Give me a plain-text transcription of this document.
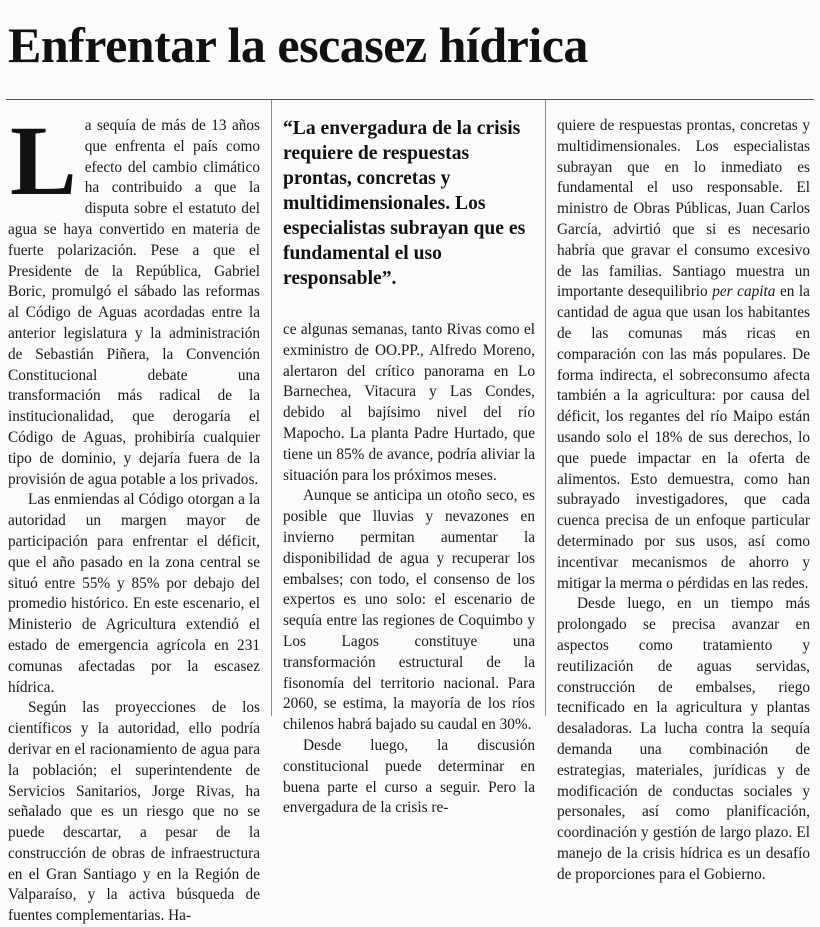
Enfrentar la escasez hídrica
L a sequía de más de 13 años que enfrenta el país como efecto del cambio climático ha contribuido a que la disputa sobre el estatuto del agua se haya convertido en materia de fuerte polarización. Pese a que el Presidente de la República, Gabriel Boric, promulgó el sábado las reformas al Código de Aguas acordadas entre la anterior legislatura y la administración de Sebastián Piñera, la Convención Constitucional debate una transformación más radical de la institucionalidad, que derogaría el Código de Aguas, prohibiría cualquier tipo de dominio, y dejaría fuera de la provisión de agua potable a los privados.

Las enmiendas al Código otorgan a la autoridad un margen mayor de participación para enfrentar el déficit, que el año pasado en la zona central se situó entre 55% y 85% por debajo del promedio histórico. En este escenario, el Ministerio de Agricultura extendió el estado de emergencia agrícola en 231 comunas afectadas por la escasez hídrica.

Según las proyecciones de los científicos y la autoridad, ello podría derivar en el racionamiento de agua para la población; el superintendente de Servicios Sanitarios, Jorge Rivas, ha señalado que es un riesgo que no se puede descartar, a pesar de la construcción de obras de infraestructura en el Gran Santiago y en la Región de Valparaíso, y la activa búsqueda de fuentes complementarias. Ha-

“La envergadura de la crisis requiere de respuestas prontas, concretas y multidimensionales. Los especialistas subrayan que es fundamental el uso responsable”.

ce algunas semanas, tanto Rivas como el exministro de OO.PP., Alfredo Moreno, alertaron del crítico panorama en Lo Barnechea, Vitacura y Las Condes, debido al bajísimo nivel del río Mapocho. La planta Padre Hurtado, que tiene un 85% de avance, podría aliviar la situación para los próximos meses.

Aunque se anticipa un otoño seco, es posible que lluvias y nevazones en invierno permitan aumentar la disponibilidad de agua y recuperar los embalses; con todo, el consenso de los expertos es uno solo: el escenario de sequía entre las regiones de Coquimbo y Los Lagos constituye una transformación estructural de la fisonomía del territorio nacional. Para 2060, se estima, la mayoría de los ríos chilenos habrá bajado su caudal en 30%.

Desde luego, la discusión constitucional puede determinar en buena parte el curso a seguir. Pero la envergadura de la crisis re-

quiere de respuestas prontas, concretas y multidimensionales. Los especialistas subrayan que en lo inmediato es fundamental el uso responsable. El ministro de Obras Públicas, Juan Carlos García, advirtió que si es necesario habría que gravar el consumo excesivo de las familias. Santiago muestra un importante desequilibrio per capita en la cantidad de agua que usan los habitantes de las comunas más ricas en comparación con las más populares. De forma indirecta, el sobreconsumo afecta también a la agricultura: por causa del déficit, los regantes del río Maipo están usando solo el 18% de sus derechos, lo que puede impactar en la oferta de alimentos. Esto demuestra, como han subrayado investigadores, que cada cuenca precisa de un enfoque particular determinado por sus usos, así como incentivar mecanismos de ahorro y mitigar la merma o pérdidas en las redes.

Desde luego, en un tiempo más prolongado se precisa avanzar en aspectos como tratamiento y reutilización de aguas servidas, construcción de embalses, riego tecnificado en la agricultura y plantas desaladoras. La lucha contra la sequía demanda una combinación de estrategias, materiales, jurídicas y de modificación de conductas sociales y personales, así como planificación, coordinación y gestión de largo plazo. El manejo de la crisis hídrica es un desafío de proporciones para el Gobierno.
